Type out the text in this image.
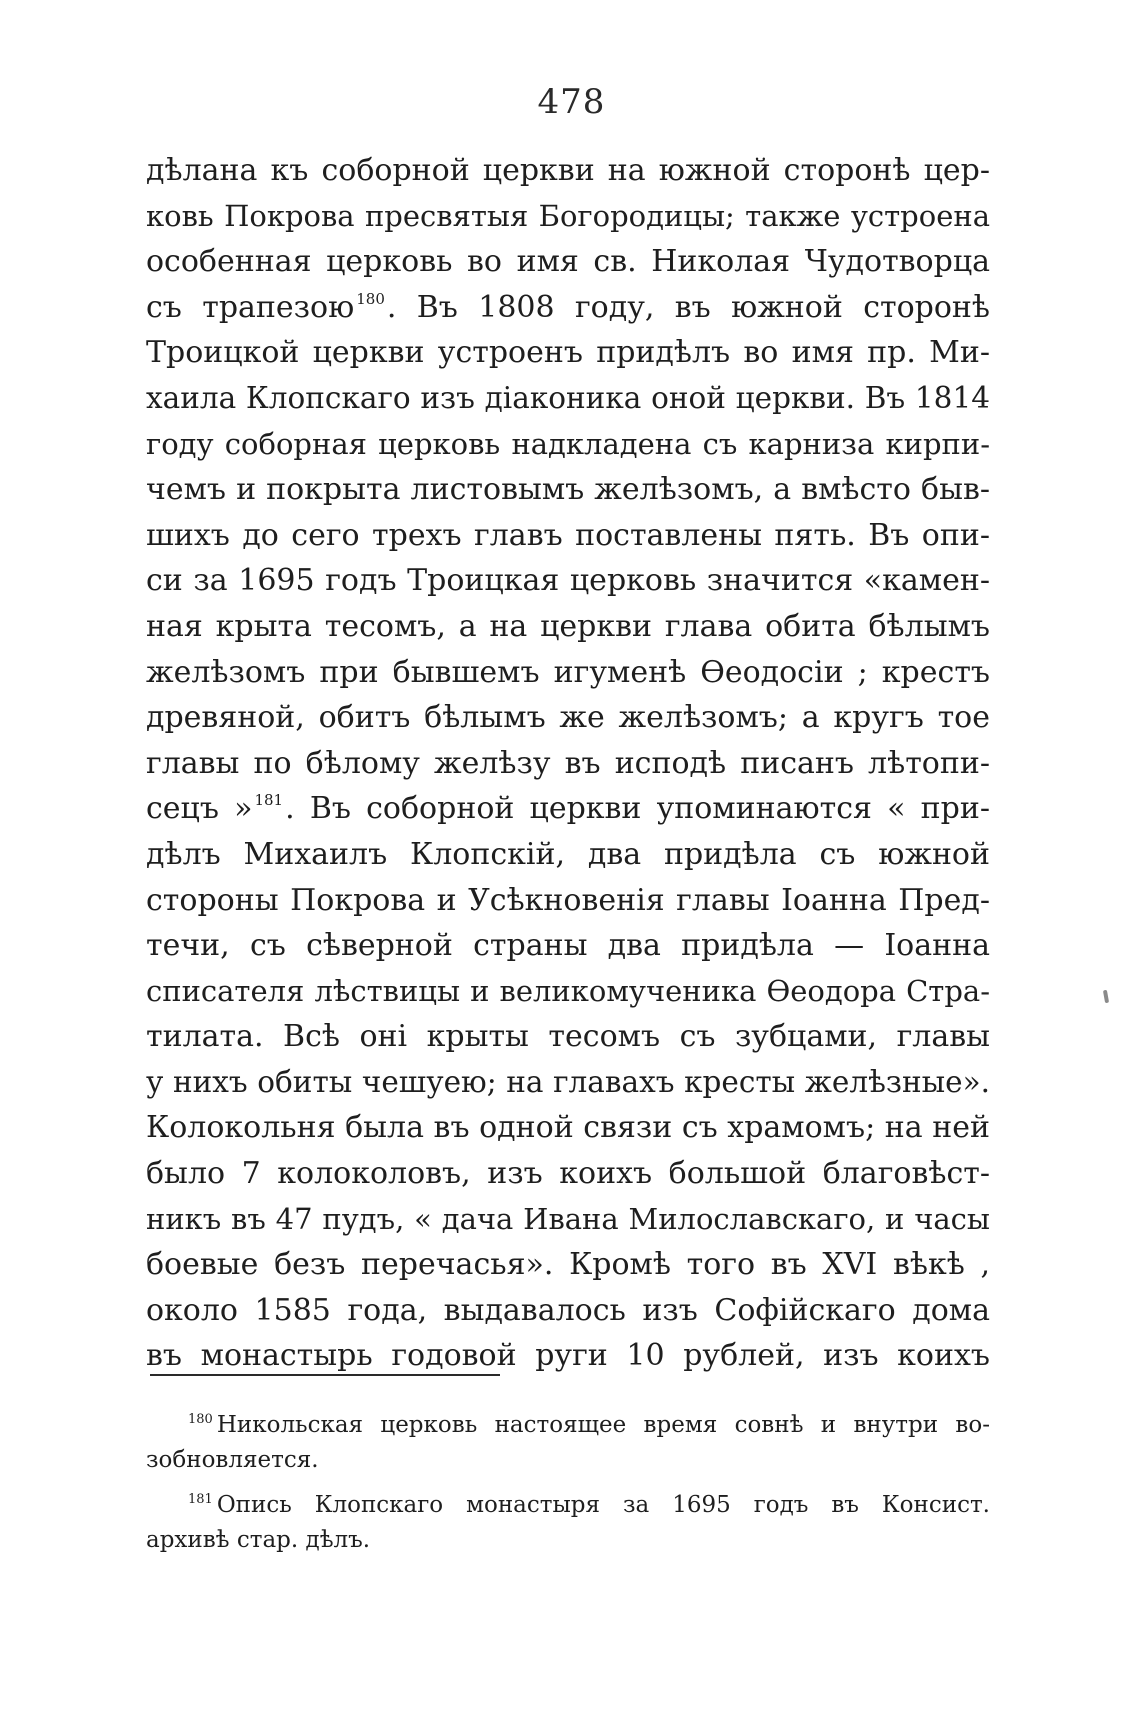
478
дѣлана къ соборной церкви на южной сторонѣ цер-
ковь Покрова пресвятыя Богородицы; также устроена
особенная церковь во имя св. Николая Чудотворца
съ трапезою $^{180}$. Въ 1808 году, въ южной сторонѣ
Троицкой церкви устроенъ придѣлъ во имя пр. Ми-
хаила Клопскаго изъ діаконика оной церкви. Въ 1814
году соборная церковь надкладена съ карниза кирпи-
чемъ и покрыта листовымъ желѣзомъ, а вмѣсто быв-
шихъ до сего трехъ главъ поставлены пять. Въ опи-
си за 1695 годъ Троицкая церковь значится «камен-
ная крыта тесомъ, а на церкви глава обита бѣлымъ
желѣзомъ при бывшемъ игуменѣ Ѳеодосіи ; крестъ
древяной, обитъ бѣлымъ же желѣзомъ; а кругъ тое
главы по бѣлому желѣзу въ исподѣ писанъ лѣтопи-
сецъ » $^{181}$. Въ соборной церкви упоминаются « при-
дѣлъ Михаилъ Клопскій, два придѣла съ южной
стороны Покрова и Усѣкновенія главы Іоанна Пред-
течи, съ сѣверной страны два придѣла — Іоанна
списателя лѣствицы и великомученика Ѳеодора Стра-
тилата. Всѣ оні крыты тесомъ съ зубцами, главы
у нихъ обиты чешуею; на главахъ кресты желѣзные».
Колокольня была въ одной связи съ храмомъ; на ней
было 7 колоколовъ, изъ коихъ большой благовѣст-
никъ въ 47 пудъ, « дача Ивана Милославскаго, и часы
боевые безъ перечасья». Кромѣ того въ XVI вѣкѣ ,
около 1585 года, выдавалось изъ Софійскаго дома
въ монастырь годовой руги 10 рублей, изъ коихъ
$^{180}$ Никольская церковь настоящее время совнѣ и внутри во-
зобновляется.
$^{181}$ Опись Клопскаго монастыря за 1695 годъ въ Консист.
архивѣ стар. дѣлъ.
